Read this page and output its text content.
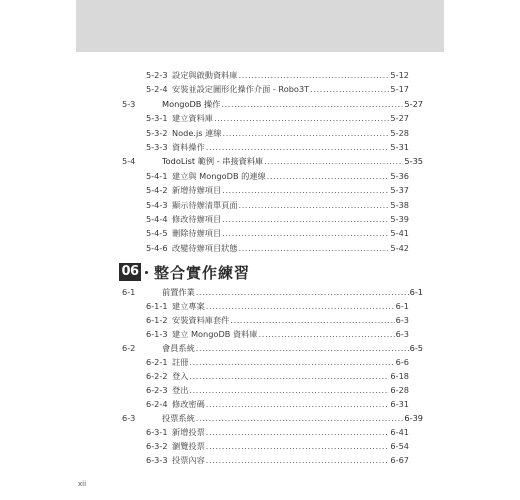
06 整合實作練習
5-2-3 設定與啟動資料庫 .....	5-12
5-2-4 安裝並設定圖形化操作介面 - Robo3T .....	5-17
5-3	MongoDB 操作 .....	5-27
5-3-1 建立資料庫 .....	5-27
5-3-2 Node.js 連線 .....	5-28
5-3-3 資料操作 .....	5-31
5-4	TodoList 範例 - 串接資料庫 .....	5-35
5-4-1 建立與 MongoDB 的連線 .....	5-36
5-4-2 新增待辦項目 .....	5-37
5-4-3 顯示待辦清單頁面 .....	5-38
5-4-4 修改待辦項目 .....	5-39
5-4-5 刪除待辦項目 .....	5-41
5-4-6 改變待辦項目狀態 .....	5-42
6-1	前置作業 .....	6-1
6-1-1 建立專案 .....	6-1
6-1-2 安裝資料庫套件 .....	6-3
6-1-3 建立 MongoDB 資料庫 .....	6-3
6-2	會員系統 .....	6-5
6-2-1 註冊 .....	6-6
6-2-2 登入 .....	6-18
6-2-3 登出 .....	6-28
6-2-4 修改密碼 .....	6-31
6-3	投票系統 .....	6-39
6-3-1 新增投票 .....	6-41
6-3-2 瀏覽投票 .....	6-54
6-3-3 投票內容 .....	6-67
xii
